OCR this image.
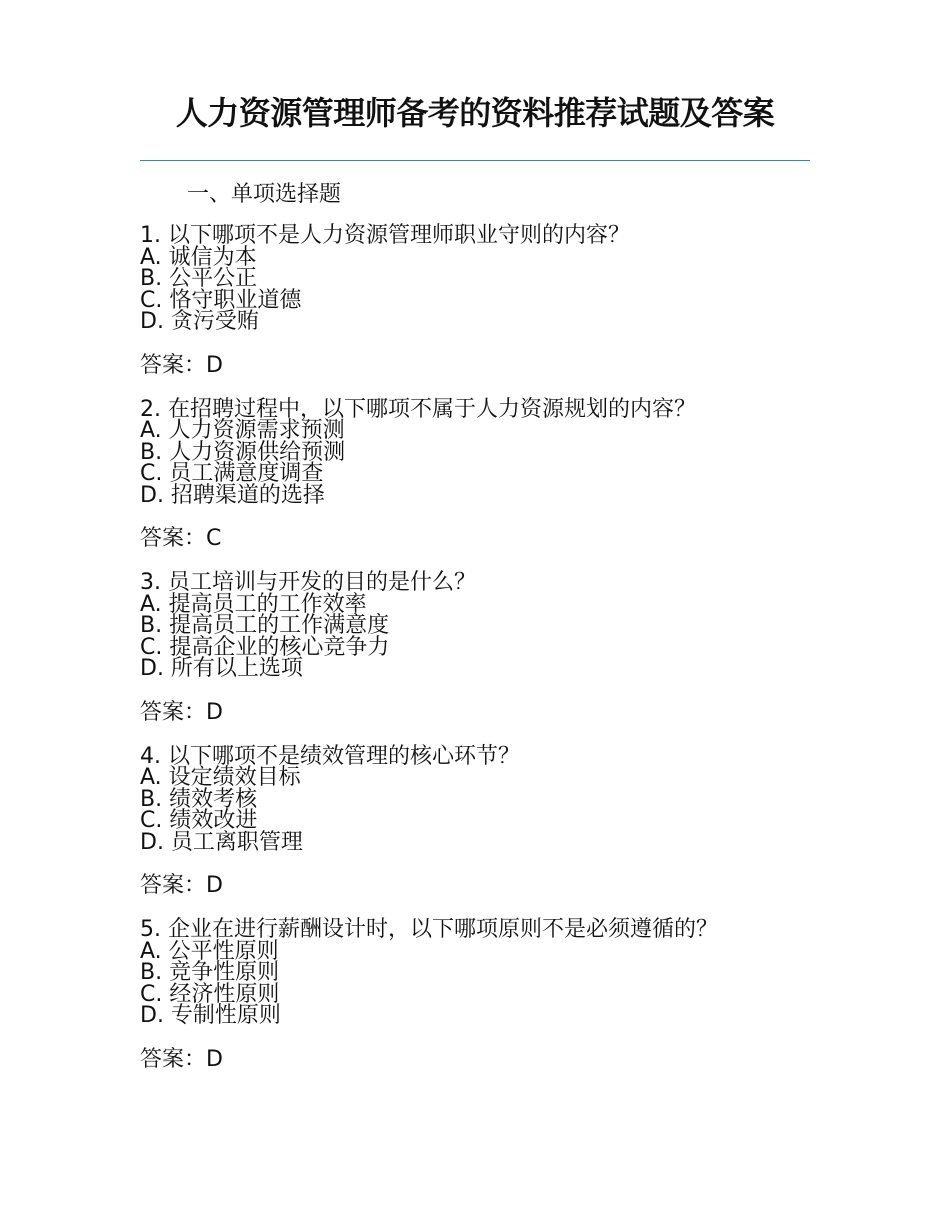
人力资源管理师备考的资料推荐试题及答案
一、单项选择题
1. 以下哪项不是人力资源管理师职业守则的内容？
A. 诚信为本
B. 公平公正
C. 恪守职业道德
D. 贪污受贿
答案：D
2. 在招聘过程中，以下哪项不属于人力资源规划的内容？
A. 人力资源需求预测
B. 人力资源供给预测
C. 员工满意度调查
D. 招聘渠道的选择
答案：C
3. 员工培训与开发的目的是什么？
A. 提高员工的工作效率
B. 提高员工的工作满意度
C. 提高企业的核心竞争力
D. 所有以上选项
答案：D
4. 以下哪项不是绩效管理的核心环节？
A. 设定绩效目标
B. 绩效考核
C. 绩效改进
D. 员工离职管理
答案：D
5. 企业在进行薪酬设计时，以下哪项原则不是必须遵循的？
A. 公平性原则
B. 竞争性原则
C. 经济性原则
D. 专制性原则
答案：D
